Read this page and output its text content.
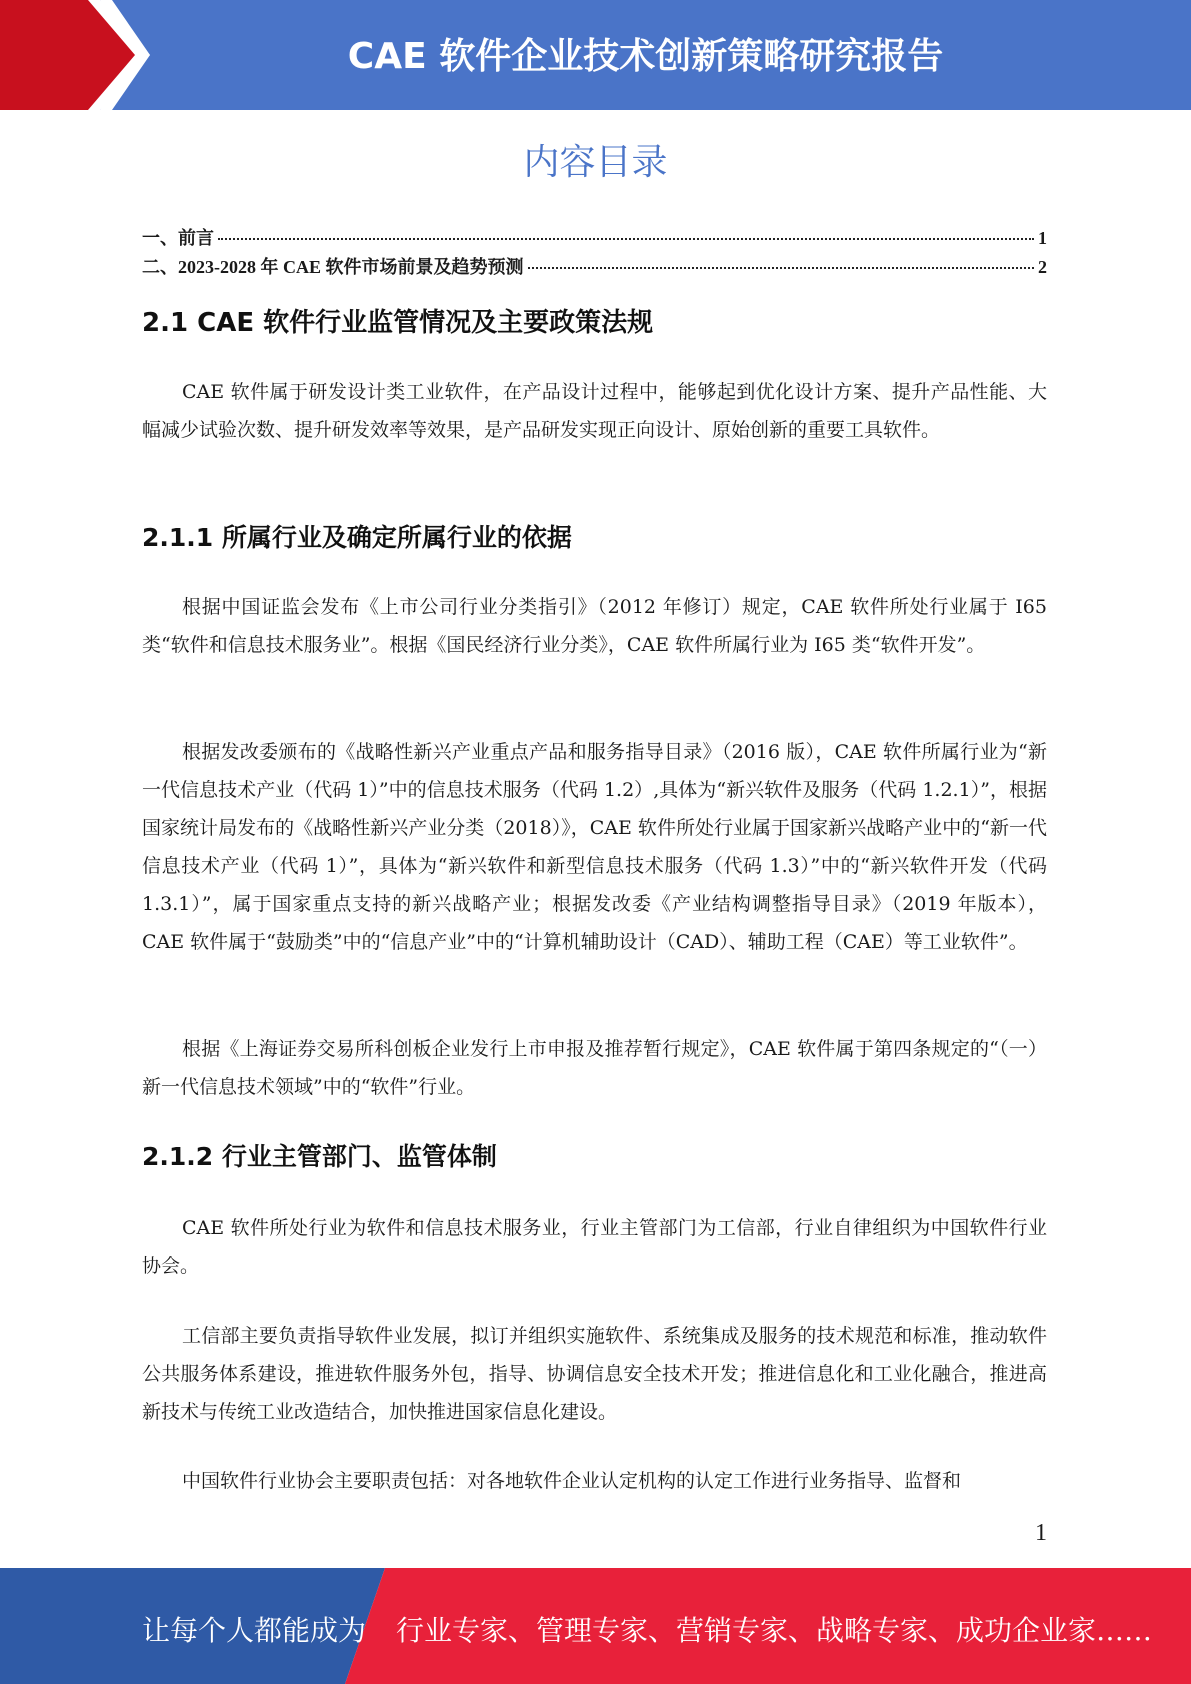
CAE 软件企业技术创新策略研究报告
内容目录
一、前言	1
二、2023-2028 年 CAE 软件市场前景及趋势预测	2
2.1 CAE 软件行业监管情况及主要政策法规

CAE 软件属于研发设计类工业软件，在产品设计过程中，能够起到优化设计方案、提升产品性能、大幅减少试验次数、提升研发效率等效果，是产品研发实现正向设计、原始创新的重要工具软件。

2.1.1 所属行业及确定所属行业的依据

根据中国证监会发布《上市公司行业分类指引》（2012 年修订）规定，CAE 软件所处行业属于 I65 类“软件和信息技术服务业”。根据《国民经济行业分类》，CAE 软件所属行业为 I65 类“软件开发”。

根据发改委颁布的《战略性新兴产业重点产品和服务指导目录》（2016 版），CAE 软件所属行业为“新一代信息技术产业（代码 1）”中的信息技术服务（代码 1.2）,具体为“新兴软件及服务（代码 1.2.1）”，根据国家统计局发布的《战略性新兴产业分类（2018）》，CAE 软件所处行业属于国家新兴战略产业中的“新一代信息技术产业（代码 1）”，具体为“新兴软件和新型信息技术服务（代码 1.3）”中的“新兴软件开发（代码 1.3.1）”，属于国家重点支持的新兴战略产业；根据发改委《产业结构调整指导目录》（2019 年版本），CAE 软件属于“鼓励类”中的“信息产业”中的“计算机辅助设计（CAD）、辅助工程（CAE）等工业软件”。

根据《上海证券交易所科创板企业发行上市申报及推荐暂行规定》，CAE 软件属于第四条规定的“（一）新一代信息技术领域”中的“软件”行业。

2.1.2 行业主管部门、监管体制

CAE 软件所处行业为软件和信息技术服务业，行业主管部门为工信部，行业自律组织为中国软件行业协会。

工信部主要负责指导软件业发展，拟订并组织实施软件、系统集成及服务的技术规范和标准，推动软件公共服务体系建设，推进软件服务外包，指导、协调信息安全技术开发；推进信息化和工业化融合，推进高新技术与传统工业改造结合，加快推进国家信息化建设。

中国软件行业协会主要职责包括：对各地软件企业认定机构的认定工作进行业务指导、监督和

1
让每个人都能成为 行业专家、管理专家、营销专家、战略专家、成功企业家……
